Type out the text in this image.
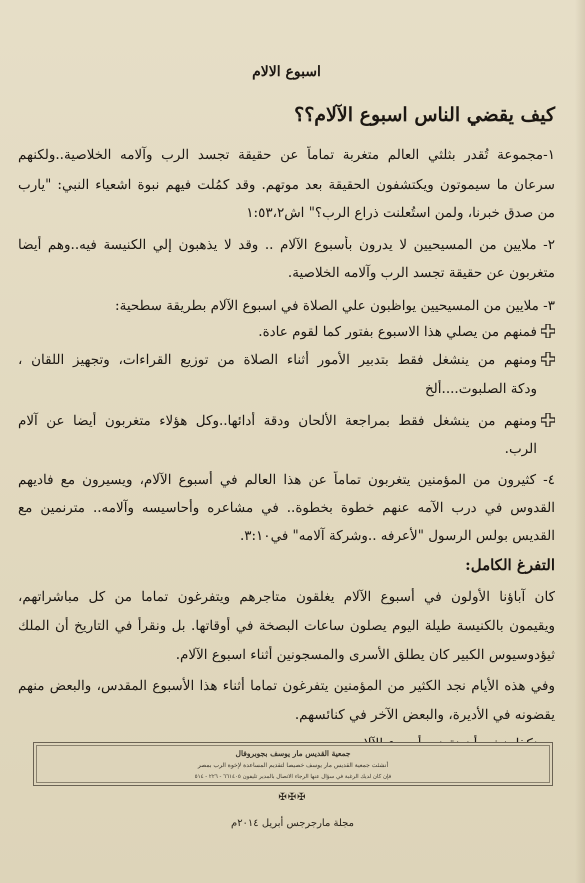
اسبوع الالام
كيف يقضي الناس اسبوع الآلام؟؟
١-مجموعة تُقدر بثلثي العالم متغربة تماماً عن حقيقة تجسد الرب وآلامه الخلاصية..ولكنهم
سرعان ما سيموتون ويكتشفون الحقيقة بعد موتهم. وقد كمُلت فيهم نبوة اشعياء النبي: "يارب
من صدق خبرنا، ولمن استُعلنت ذراع الرب؟" اش١:٥٣،٢
٢- ملايين من المسيحيين لا يدرون بأسبوع الآلام .. وقد لا يذهبون إلي الكنيسة فيه..وهم أيضا
متغربون عن حقيقة تجسد الرب وآلامه الخلاصية.
٣- ملايين من المسيحيين يواظبون علي الصلاة في اسبوع الآلام بطريقة سطحية:
فمنهم من يصلي هذا الاسبوع بفتور كما لقوم عادة.
ومنهم من ينشغل فقط بتدبير الأمور أثناء الصلاة من توزيع القراءات، وتجهيز اللقان ،
ودكة الصلبوت....ألخ
ومنهم من ينشغل فقط بمراجعة الألحان ودقة أدائها..وكل هؤلاء متغربون أيضا عن آلام
الرب.
٤- كثيرون من المؤمنين يتغربون تماماً عن هذا العالم في أسبوع الآلام، ويسيرون مع فاديهم
القدوس في درب الآمه عنهم خطوة بخطوة.. في مشاعره وأحاسيسه وآلامه.. مترنمين مع
القديس بولس الرسول "لأعرفه ..وشركة آلامه" في٣:١٠.
التفرغ الكامل:
كان آباؤنا الأولون في أسبوع الآلام يغلقون متاجرهم ويتفرغون تماما من كل مباشراتهم،
ويقيمون بالكنيسة طيلة اليوم يصلون ساعات البصخة في أوقاتها. بل ونقرأ في التاريخ أن الملك
ثيؤدوسيوس الكبير كان يطلق الأسرى والمسجونين أثناء اسبوع الآلام.
وفي هذه الأيام نجد الكثير من المؤمنين يتفرغون تماما أثناء هذا الأسبوع المقدس، والبعض منهم
يقضونه في الأديرة، والبعض الآخر في كنائسهم.
جمعية القديس مار يوسف بجوبروفال
أنشئت جمعية القديس مار يوسف خصيصا لتقديم المساعدة لإخوة الرب بمصر
فإن كان لديك الرغبة في سؤال عنها الرجاء الاتصال بالمدير تليفون ٦٦١٤٠٥ - ٢٢٦ - ٥١٤
✠✠✠
مجلة مارجرجس أبريل ٢٠١٤م
